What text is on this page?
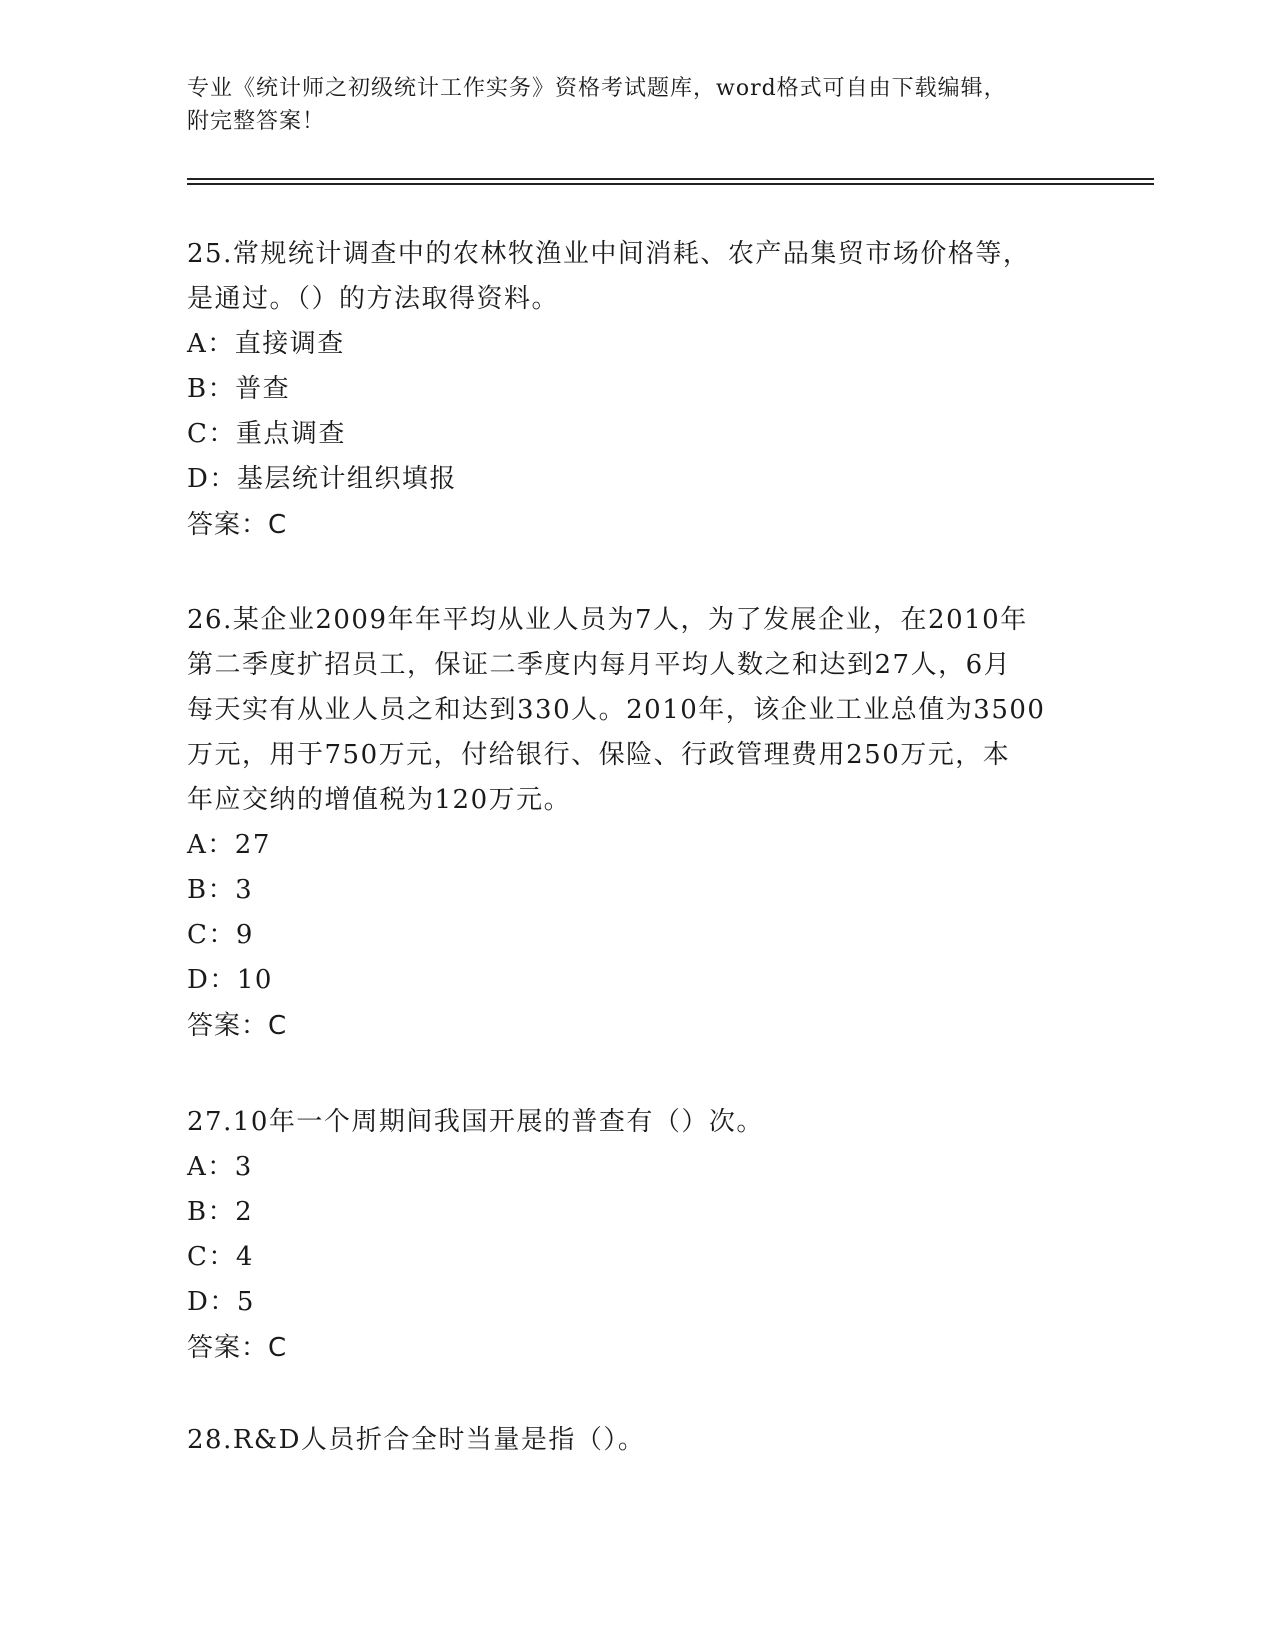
专业《统计师之初级统计工作实务》资格考试题库，word格式可自由下载编辑，
附完整答案！
25.常规统计调查中的农林牧渔业中间消耗、农产品集贸市场价格等，
是通过。（）的方法取得资料。
A：直接调查
B：普查
C：重点调查
D：基层统计组织填报
答案：C
26.某企业2009年年平均从业人员为7人，为了发展企业，在2010年
第二季度扩招员工，保证二季度内每月平均人数之和达到27人，6月
每天实有从业人员之和达到330人。2010年，该企业工业总值为3500
万元，用于750万元，付给银行、保险、行政管理费用250万元，本
年应交纳的增值税为120万元。
A：27
B：3
C：9
D：10
答案：C
27.10年一个周期间我国开展的普查有（）次。
A：3
B：2
C：4
D：5
答案：C
28.R&D人员折合全时当量是指（）。
